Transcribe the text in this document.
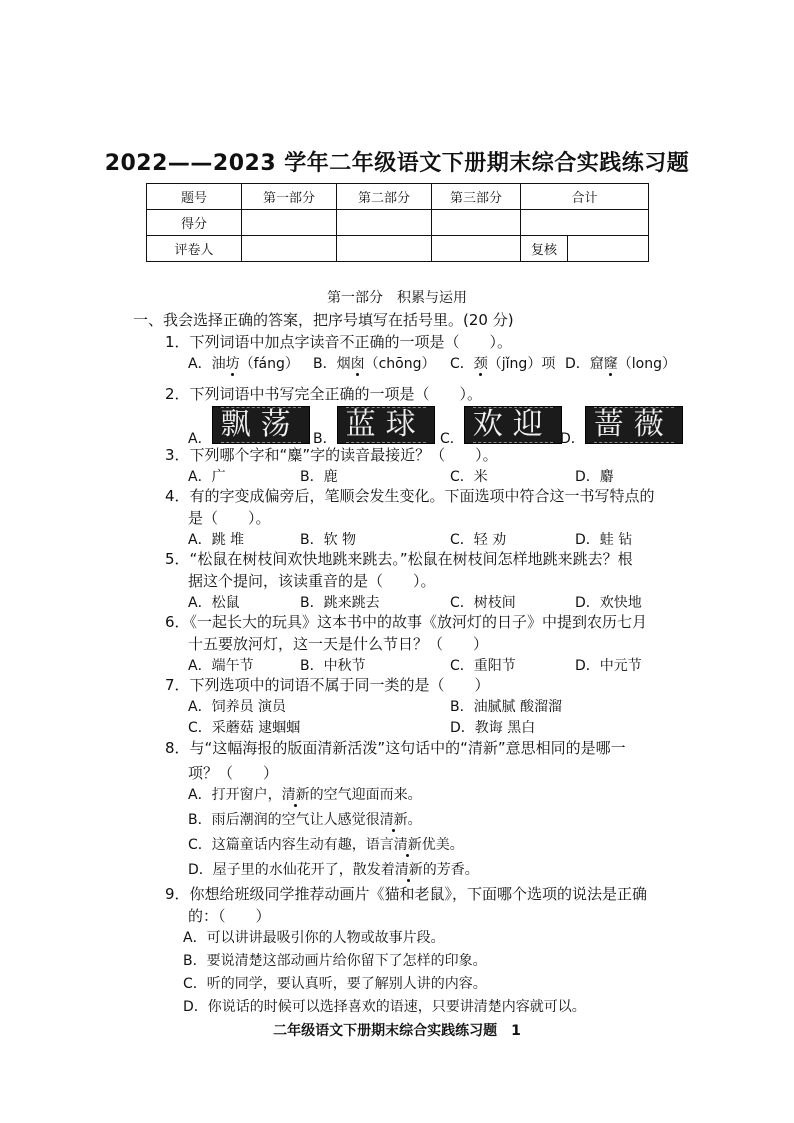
2022——2023 学年二年级语文下册期末综合实践练习题
题号	第一部分	第二部分	第三部分	合计	
得分					
评卷人				复核	
第一部分　积累与运用
一、我会选择正确的答案，把序号填写在括号里。(20 分)
1．下列词语中加点字读音不正确的一项是（　　）。
A．油坊（fáng） B．烟囱（chōng） C．颈（jǐng）项 D．窟窿（long）
2．下列词语中书写完全正确的一项是（　　）。
A． 飘荡 B． 蓝球	C． 欢迎 D． 蔷薇
3．下列哪个字和“麋”字的读音最接近？（　　）。
A．广	B．鹿	C．米	D．麝
4．有的字变成偏旁后，笔顺会发生变化。下面选项中符合这一书写特点的
是（　　）。
A．跳 堆	B．软 物	C．轻 劝	D．蛙 钻
5．“松鼠在树枝间欢快地跳来跳去。”松鼠在树枝间怎样地跳来跳去？根
据这个提问，该读重音的是（　　）。
A．松鼠	B．跳来跳去	C．树枝间	D．欢快地
6．《一起长大的玩具》这本书中的故事《放河灯的日子》中提到农历七月
十五要放河灯，这一天是什么节日？（　　）
A．端午节	B．中秋节	C．重阳节	D．中元节
7．下列选项中的词语不属于同一类的是（　　）
A．饲养员 演员	B．油腻腻 酸溜溜
C．采蘑菇 逮蝈蝈	D．教诲 黑白
8．与“这幅海报的版面清新活泼”这句话中的“清新”意思相同的是哪一
项？（　　）
A．打开窗户，清新的空气迎面而来。
B．雨后潮润的空气让人感觉很清新。
C．这篇童话内容生动有趣，语言清新优美。
D．屋子里的水仙花开了，散发着清新的芳香。
9．你想给班级同学推荐动画片《猫和老鼠》，下面哪个选项的说法是正确
的：（　　）
A．可以讲讲最吸引你的人物或故事片段。
B．要说清楚这部动画片给你留下了怎样的印象。
C．听的同学，要认真听，要了解别人讲的内容。
D．你说话的时候可以选择喜欢的语速，只要讲清楚内容就可以。
二年级语文下册期末综合实践练习题　1
